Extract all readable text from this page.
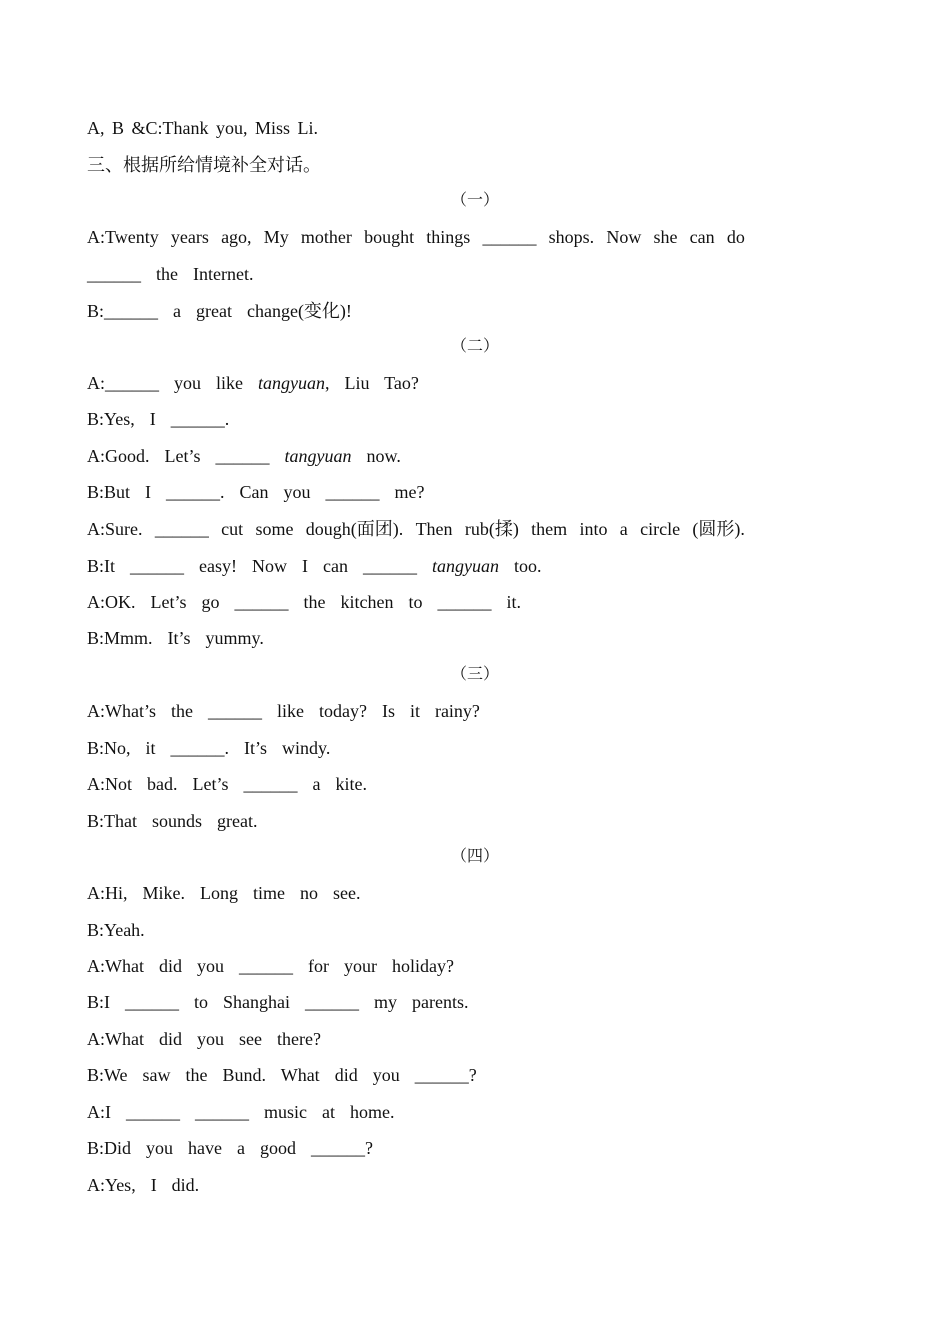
A, B &C:Thank you, Miss Li.
三、根据所给情境补全对话。
（一）
A:Twenty years ago, My mother bought things ______ shops. Now she can do
______  the  Internet.
B:______  a  great  change(变化)!
（二）
A:______  you  like  tangyuan,  Liu  Tao?
B:Yes,  I  ______.
A:Good.  Let’s  ______  tangyuan  now.
B:But  I  ______.  Can  you  ______  me?
A:Sure. ______ cut some dough(面团). Then rub(揉) them into a circle (圆形).
B:It  ______  easy!  Now  I  can  ______  tangyuan  too.
A:OK.  Let’s  go  ______  the  kitchen  to  ______  it.
B:Mmm.  It’s  yummy.
（三）
A:What’s  the  ______  like  today?  Is  it  rainy?
B:No,  it  ______.  It’s  windy.
A:Not  bad.  Let’s  ______  a  kite.
B:That  sounds  great.
（四）
A:Hi,  Mike.  Long  time  no  see.
B:Yeah.
A:What  did  you  ______  for  your  holiday?
B:I  ______  to  Shanghai  ______  my  parents.
A:What  did  you  see  there?
B:We  saw  the  Bund.  What  did  you  ______?
A:I  ______  ______  music  at  home.
B:Did  you  have  a  good  ______?
A:Yes,  I  did.
